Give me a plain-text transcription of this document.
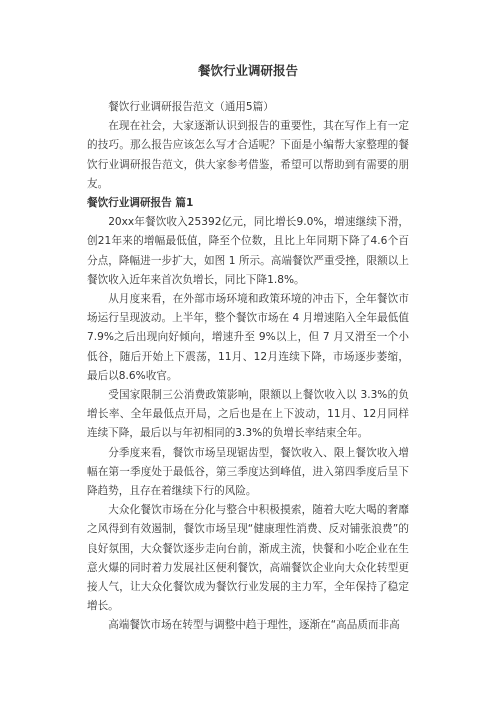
餐饮行业调研报告

餐饮行业调研报告范文（通用5篇）

在现在社会，大家逐渐认识到报告的重要性，其在写作上有一定的技巧。那么报告应该怎么写才合适呢？下面是小编帮大家整理的餐饮行业调研报告范文，供大家参考借鉴，希望可以帮助到有需要的朋友。

餐饮行业调研报告 篇1

20xx年餐饮收入25392亿元，同比增长9.0%，增速继续下滑，创21年来的增幅最低值，降至个位数，且比上年同期下降了4.6个百分点，降幅进一步扩大，如图 1 所示。高端餐饮严重受挫，限额以上餐饮收入近年来首次负增长，同比下降1.8%。

从月度来看，在外部市场环境和政策环境的冲击下，全年餐饮市场运行呈现波动。上半年，整个餐饮市场在 4 月增速陷入全年最低值7.9%之后出现向好倾向，增速升至 9%以上，但 7 月又滑至一个小低谷，随后开始上下震荡，11月、12月连续下降，市场逐步萎缩，最后以8.6%收官。

受国家限制三公消费政策影响，限额以上餐饮收入以 3.3%的负增长率、全年最低点开局，之后也是在上下波动，11月、12月同样连续下降，最后以与年初相同的3.3%的负增长率结束全年。

分季度来看，餐饮市场呈现锯齿型，餐饮收入、限上餐饮收入增幅在第一季度处于最低谷，第三季度达到峰值，进入第四季度后呈下降趋势，且存在着继续下行的风险。

大众化餐饮市场在分化与整合中积极摸索，随着大吃大喝的奢靡之风得到有效遏制，餐饮市场呈现“健康理性消费、反对铺张浪费”的良好氛围，大众餐饮逐步走向台前，渐成主流，快餐和小吃企业在生意火爆的同时着力发展社区便利餐饮，高端餐饮企业向大众化转型更接人气，让大众化餐饮成为餐饮行业发展的主力军，全年保持了稳定增长。

高端餐饮市场在转型与调整中趋于理性，逐渐在“高品质而非高
